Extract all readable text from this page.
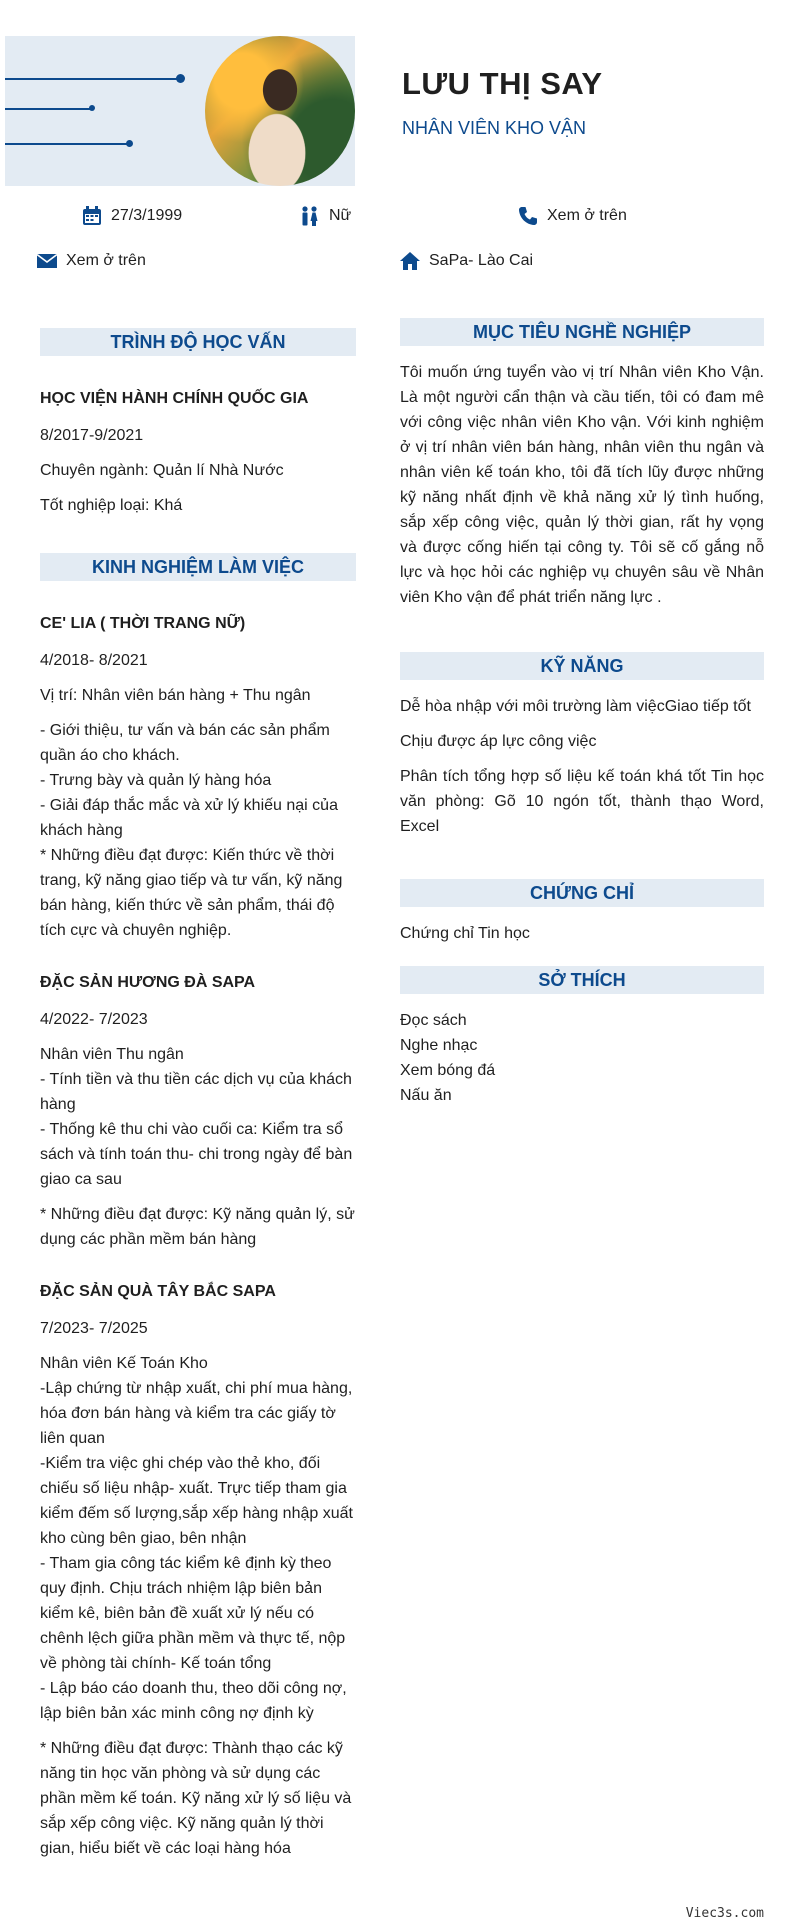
LƯU THỊ SAY
NHÂN VIÊN KHO VẬN
27/3/1999	Nữ	Xem ở trên
Xem ở trên	SaPa- Lào Cai
TRÌNH ĐỘ HỌC VẤN
KINH NGHIỆM LÀM VIỆC

HỌC VIỆN HÀNH CHÍNH QUỐC GIA

8/2017-9/2021

Chuyên ngành: Quản lí Nhà Nước

Tốt nghiệp loại: Khá

CE' LIA ( THỜI TRANG NỮ)

4/2018- 8/2021

Vị trí: Nhân viên bán hàng + Thu ngân

- Giới thiệu, tư vấn và bán các sản phẩm quần áo cho khách.
- Trưng bày và quản lý hàng hóa
- Giải đáp thắc mắc và xử lý khiếu nại của khách hàng
* Những điều đạt được: Kiến thức về thời trang, kỹ năng giao tiếp và tư vấn, kỹ năng bán hàng, kiến thức về sản phẩm, thái độ tích cực và chuyên nghiệp.

ĐẶC SẢN HƯƠNG ĐÀ SAPA

4/2022- 7/2023

Nhân viên Thu ngân

- Tính tiền và thu tiền các dịch vụ của khách hàng
- Thống kê thu chi vào cuối ca: Kiểm tra sổ sách và tính toán thu- chi trong ngày để bàn giao ca sau

* Những điều đạt được: Kỹ năng quản lý, sử dụng các phần mềm bán hàng

ĐẶC SẢN QUÀ TÂY BẮC SAPA

7/2023- 7/2025

Nhân viên Kế Toán Kho

-Lập chứng từ nhập xuất, chi phí mua hàng, hóa đơn bán hàng và kiểm tra các giấy tờ liên quan
-Kiểm tra việc ghi chép vào thẻ kho, đối chiếu số liệu nhập- xuất. Trực tiếp tham gia kiểm đếm số lượng,sắp xếp hàng nhập xuất kho cùng bên giao, bên nhận
- Tham gia công tác kiểm kê định kỳ theo quy định. Chịu trách nhiệm lập biên bản kiểm kê, biên bản đề xuất xử lý nếu có chênh lệch giữa phần mềm và thực tế, nộp về phòng tài chính- Kế toán tổng
- Lập báo cáo doanh thu, theo dõi công nợ, lập biên bản xác minh công nợ định kỳ

* Những điều đạt được: Thành thạo các kỹ năng tin học văn phòng và sử dụng các phần mềm kế toán. Kỹ năng xử lý số liệu và sắp xếp công việc. Kỹ năng quản lý thời gian, hiểu biết về các loại hàng hóa

MỤC TIÊU NGHỀ NGHIỆP
KỸ NĂNG
CHỨNG CHỈ
SỞ THÍCH

Tôi muốn ứng tuyển vào vị trí Nhân viên Kho Vận. Là một người cẩn thận và cầu tiến, tôi có đam mê với công việc nhân viên Kho vận. Với kinh nghiệm ở vị trí nhân viên bán hàng, nhân viên thu ngân và nhân viên kế toán kho, tôi đã tích lũy được những kỹ năng nhất định về khả năng xử lý tình huống, sắp xếp công việc, quản lý thời gian, rất hy vọng và được cống hiến tại công ty. Tôi sẽ cố gắng nỗ lực và học hỏi các nghiệp vụ chuyên sâu về Nhân viên Kho vận để phát triển năng lực .

Dễ hòa nhập với môi trường làm việcGiao tiếp tốt

Chịu được áp lực công việc

Phân tích tổng hợp số liệu kế toán khá tốt Tin học văn phòng: Gõ 10 ngón tốt, thành thạo Word, Excel

Chứng chỉ Tin học

Đọc sách

Nghe nhạc

Xem bóng đá

Nấu ăn

Viec3s.com
